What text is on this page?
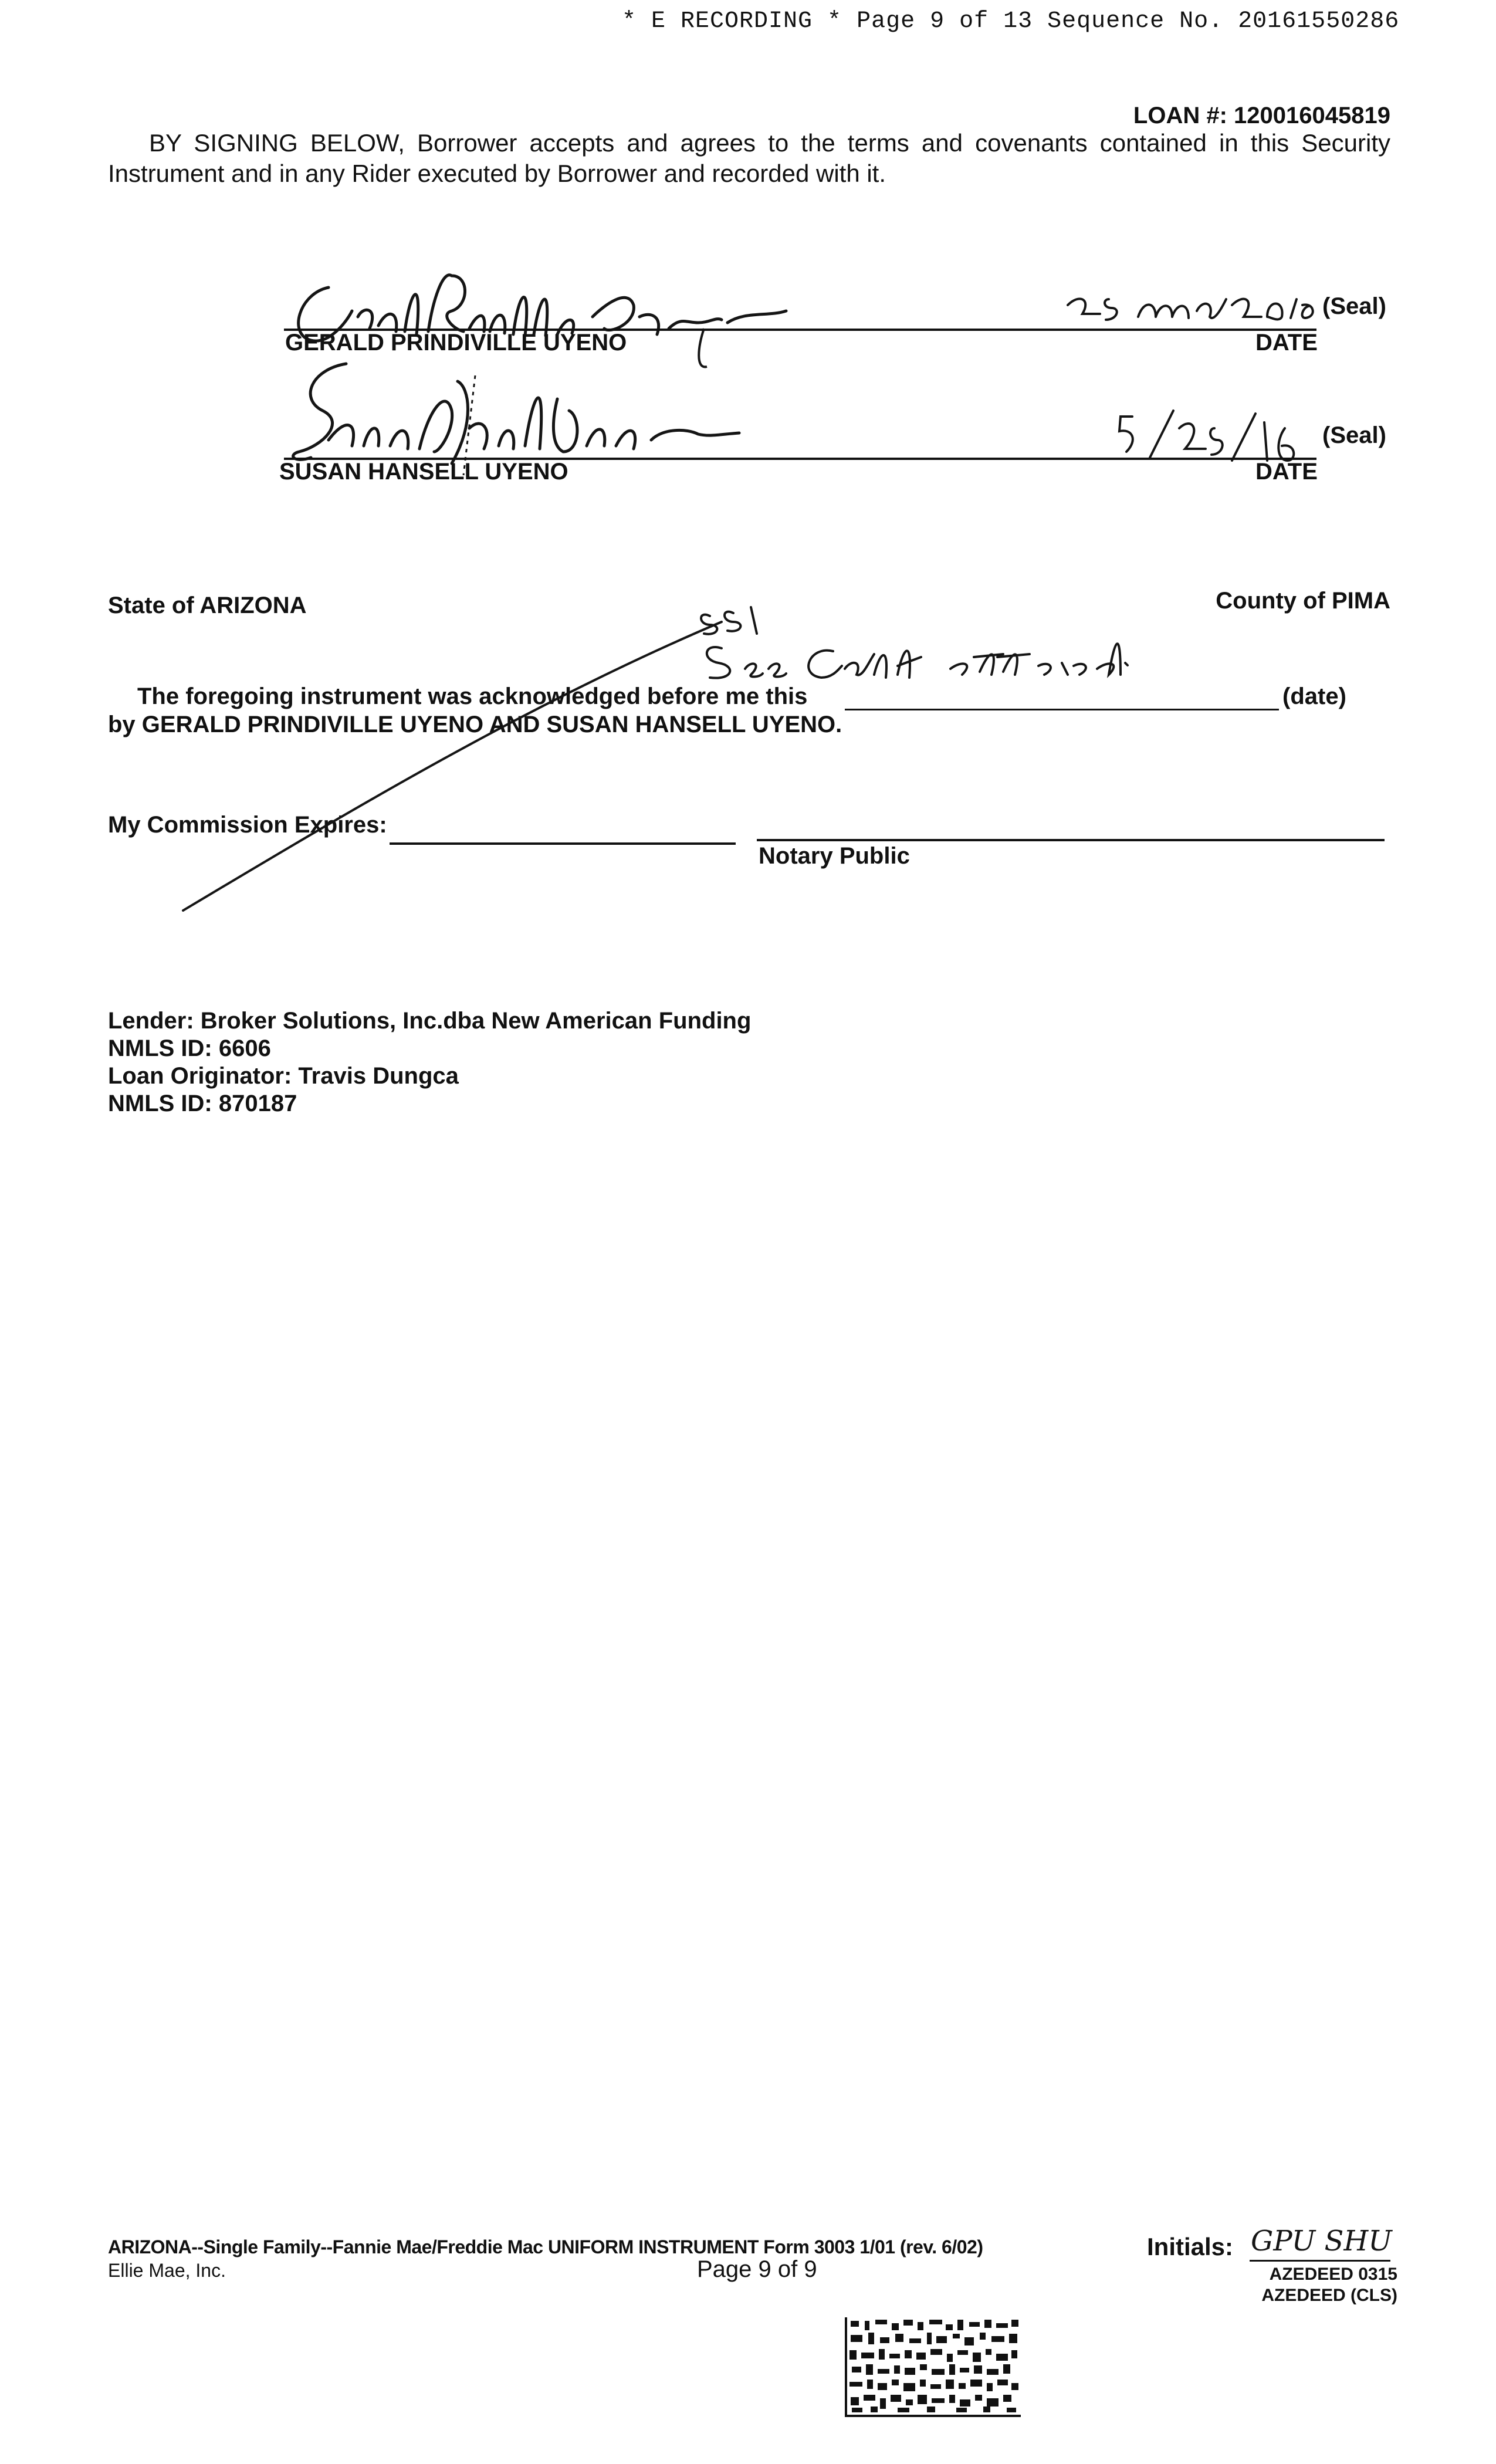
* E RECORDING * Page 9 of 13 Sequence No. 20161550286
LOAN #: 120016045819
BY SIGNING BELOW, Borrower accepts and agrees to the terms and covenants contained in this Security Instrument and in any Rider executed by Borrower and recorded with it.
(Seal)
GERALD PRINDIVILLE UYENO	DATE
(Seal)
SUSAN HANSELL UYENO	DATE
State of ARIZONA	County of PIMA
The foregoing instrument was acknowledged before me this	(date)
by GERALD PRINDIVILLE UYENO AND SUSAN HANSELL UYENO.
My Commission Expires:
Notary Public
Lender: Broker Solutions, Inc.dba New American Funding
NMLS ID: 6606
Loan Originator: Travis Dungca
NMLS ID: 870187
ARIZONA--Single Family--Fannie Mae/Freddie Mac UNIFORM INSTRUMENT Form 3003 1/01 (rev. 6/02)
Ellie Mae, Inc.	Page 9 of 9
Initials: GPU SHU
AZEDEED 0315
AZEDEED (CLS)
